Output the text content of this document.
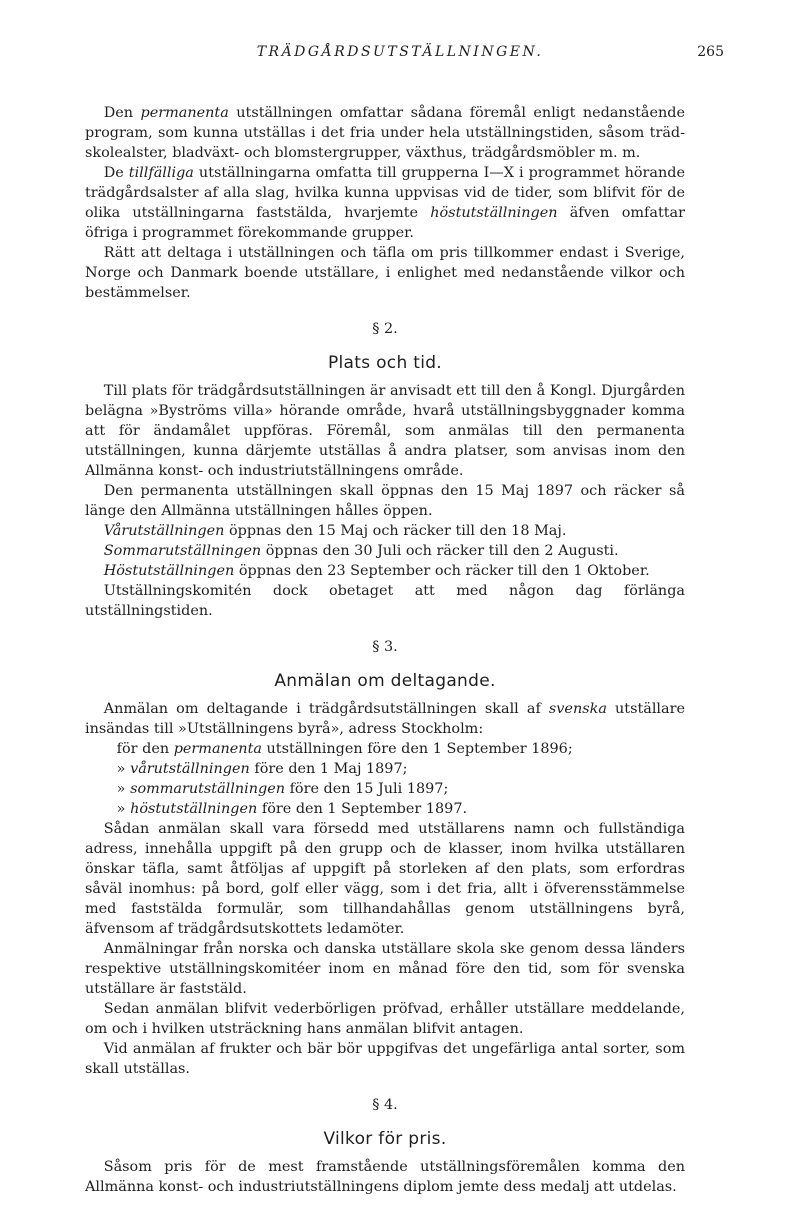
TRÄDGÅRDSUTSTÄLLNINGEN.	265

Den permanenta utställningen omfattar sådana föremål enligt nedanstående program, som kunna utställas i det fria under hela utställningstiden, såsom träd-skolealster, bladväxt- och blomstergrupper, växthus, trädgårdsmöbler m. m.

De tillfälliga utställningarna omfatta till grupperna I—X i programmet hörande trädgårdsalster af alla slag, hvilka kunna uppvisas vid de tider, som blifvit för de olika utställningarna faststälda, hvarjemte höstutställningen äfven omfattar öfriga i programmet förekommande grupper.

Rätt att deltaga i utställningen och täfla om pris tillkommer endast i Sverige, Norge och Danmark boende utställare, i enlighet med nedanstående vilkor och bestämmelser.

§ 2.
Plats och tid.

Till plats för trädgårdsutställningen är anvisadt ett till den å Kongl. Djurgården belägna »Byströms villa» hörande område, hvarå utställningsbyggnader komma att för ändamålet uppföras. Föremål, som anmälas till den permanenta utställningen, kunna därjemte utställas å andra platser, som anvisas inom den Allmänna konst- och industriutställningens område.

Den permanenta utställningen skall öppnas den 15 Maj 1897 och räcker så länge den Allmänna utställningen hålles öppen.

Vårutställningen öppnas den 15 Maj och räcker till den 18 Maj.

Sommarutställningen öppnas den 30 Juli och räcker till den 2 Augusti.

Höstutställningen öppnas den 23 September och räcker till den 1 Oktober.

Utställningskomitén dock obetaget att med någon dag förlänga utställningstiden.

§ 3.
Anmälan om deltagande.

Anmälan om deltagande i trädgårdsutställningen skall af svenska utställare insändas till »Utställningens byrå», adress Stockholm:

för den permanenta utställningen före den 1 September 1896;

» vårutställningen före den 1 Maj 1897;

» sommarutställningen före den 15 Juli 1897;

» höstutställningen före den 1 September 1897.

Sådan anmälan skall vara försedd med utställarens namn och fullständiga adress, innehålla uppgift på den grupp och de klasser, inom hvilka utställaren önskar täfla, samt åtföljas af uppgift på storleken af den plats, som erfordras såväl inomhus: på bord, golf eller vägg, som i det fria, allt i öfverensstämmelse med faststälda formulär, som tillhandahållas genom utställningens byrå, äfvensom af trädgårdsutskottets ledamöter.

Anmälningar från norska och danska utställare skola ske genom dessa länders respektive utställningskomitéer inom en månad före den tid, som för svenska utställare är faststäld.

Sedan anmälan blifvit vederbörligen pröfvad, erhåller utställare meddelande, om och i hvilken utsträckning hans anmälan blifvit antagen.

Vid anmälan af frukter och bär bör uppgifvas det ungefärliga antal sorter, som skall utställas.

§ 4.
Vilkor för pris.

Såsom pris för de mest framstående utställningsföremålen komma den Allmänna konst- och industriutställningens diplom jemte dess medalj att utdelas.
